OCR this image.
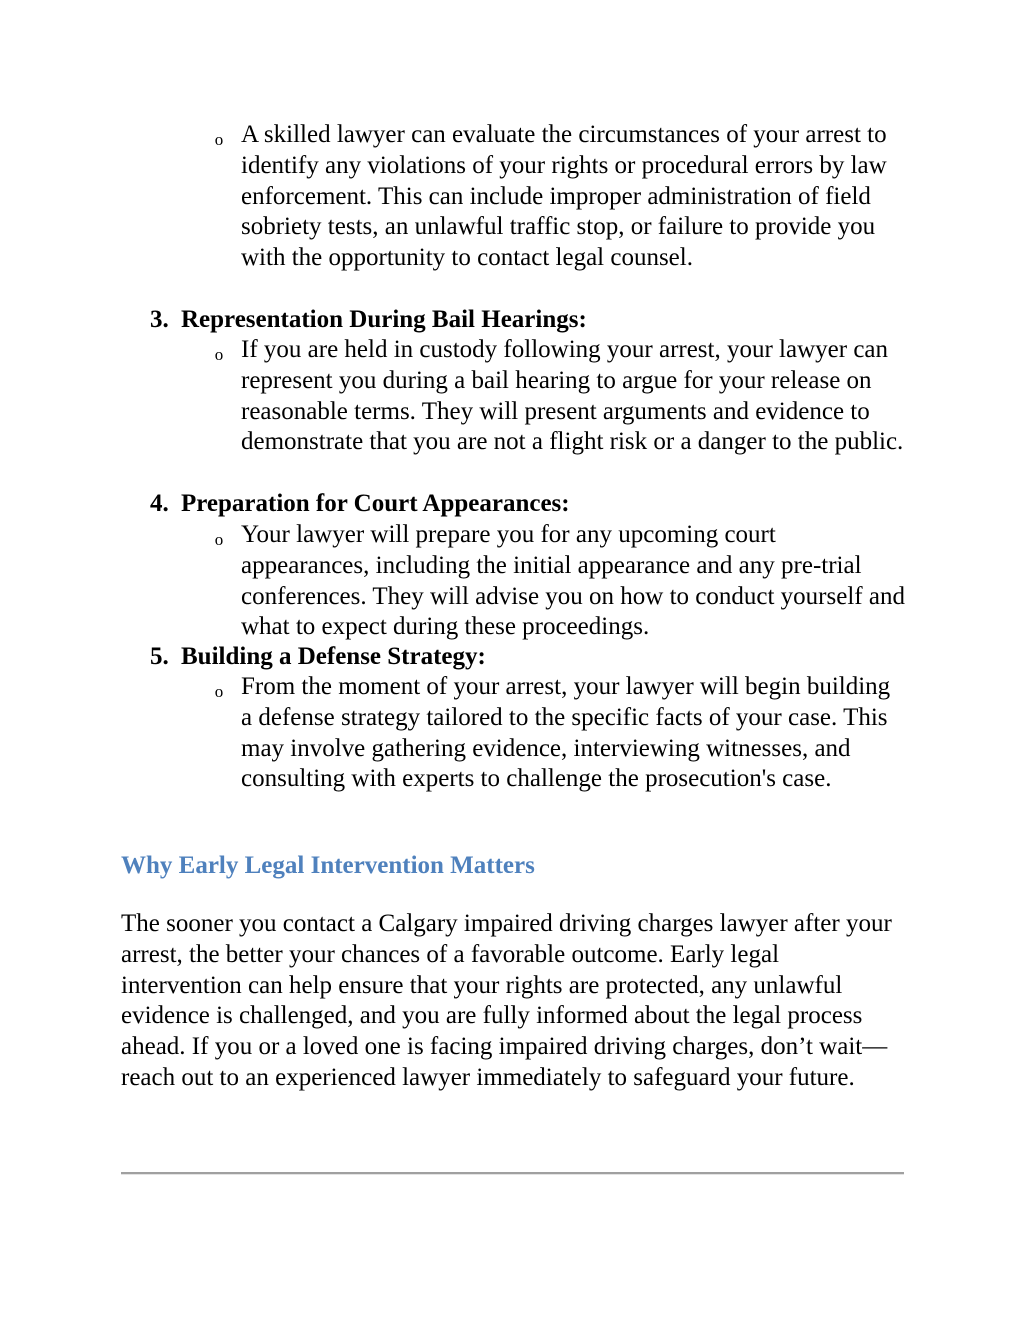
o A skilled lawyer can evaluate the circumstances of your arrest to identify any violations of your rights or procedural errors by law enforcement. This can include improper administration of field sobriety tests, an unlawful traffic stop, or failure to provide you with the opportunity to contact legal counsel.

3. Representation During Bail Hearings:

o If you are held in custody following your arrest, your lawyer can represent you during a bail hearing to argue for your release on reasonable terms. They will present arguments and evidence to demonstrate that you are not a flight risk or a danger to the public.

4. Preparation for Court Appearances:

o Your lawyer will prepare you for any upcoming court appearances, including the initial appearance and any pre-trial conferences. They will advise you on how to conduct yourself and what to expect during these proceedings.

5. Building a Defense Strategy:

o From the moment of your arrest, your lawyer will begin building a defense strategy tailored to the specific facts of your case. This may involve gathering evidence, interviewing witnesses, and consulting with experts to challenge the prosecution's case.

Why Early Legal Intervention Matters

The sooner you contact a Calgary impaired driving charges lawyer after your arrest, the better your chances of a favorable outcome. Early legal intervention can help ensure that your rights are protected, any unlawful evidence is challenged, and you are fully informed about the legal process ahead. If you or a loved one is facing impaired driving charges, don’t wait—reach out to an experienced lawyer immediately to safeguard your future.
